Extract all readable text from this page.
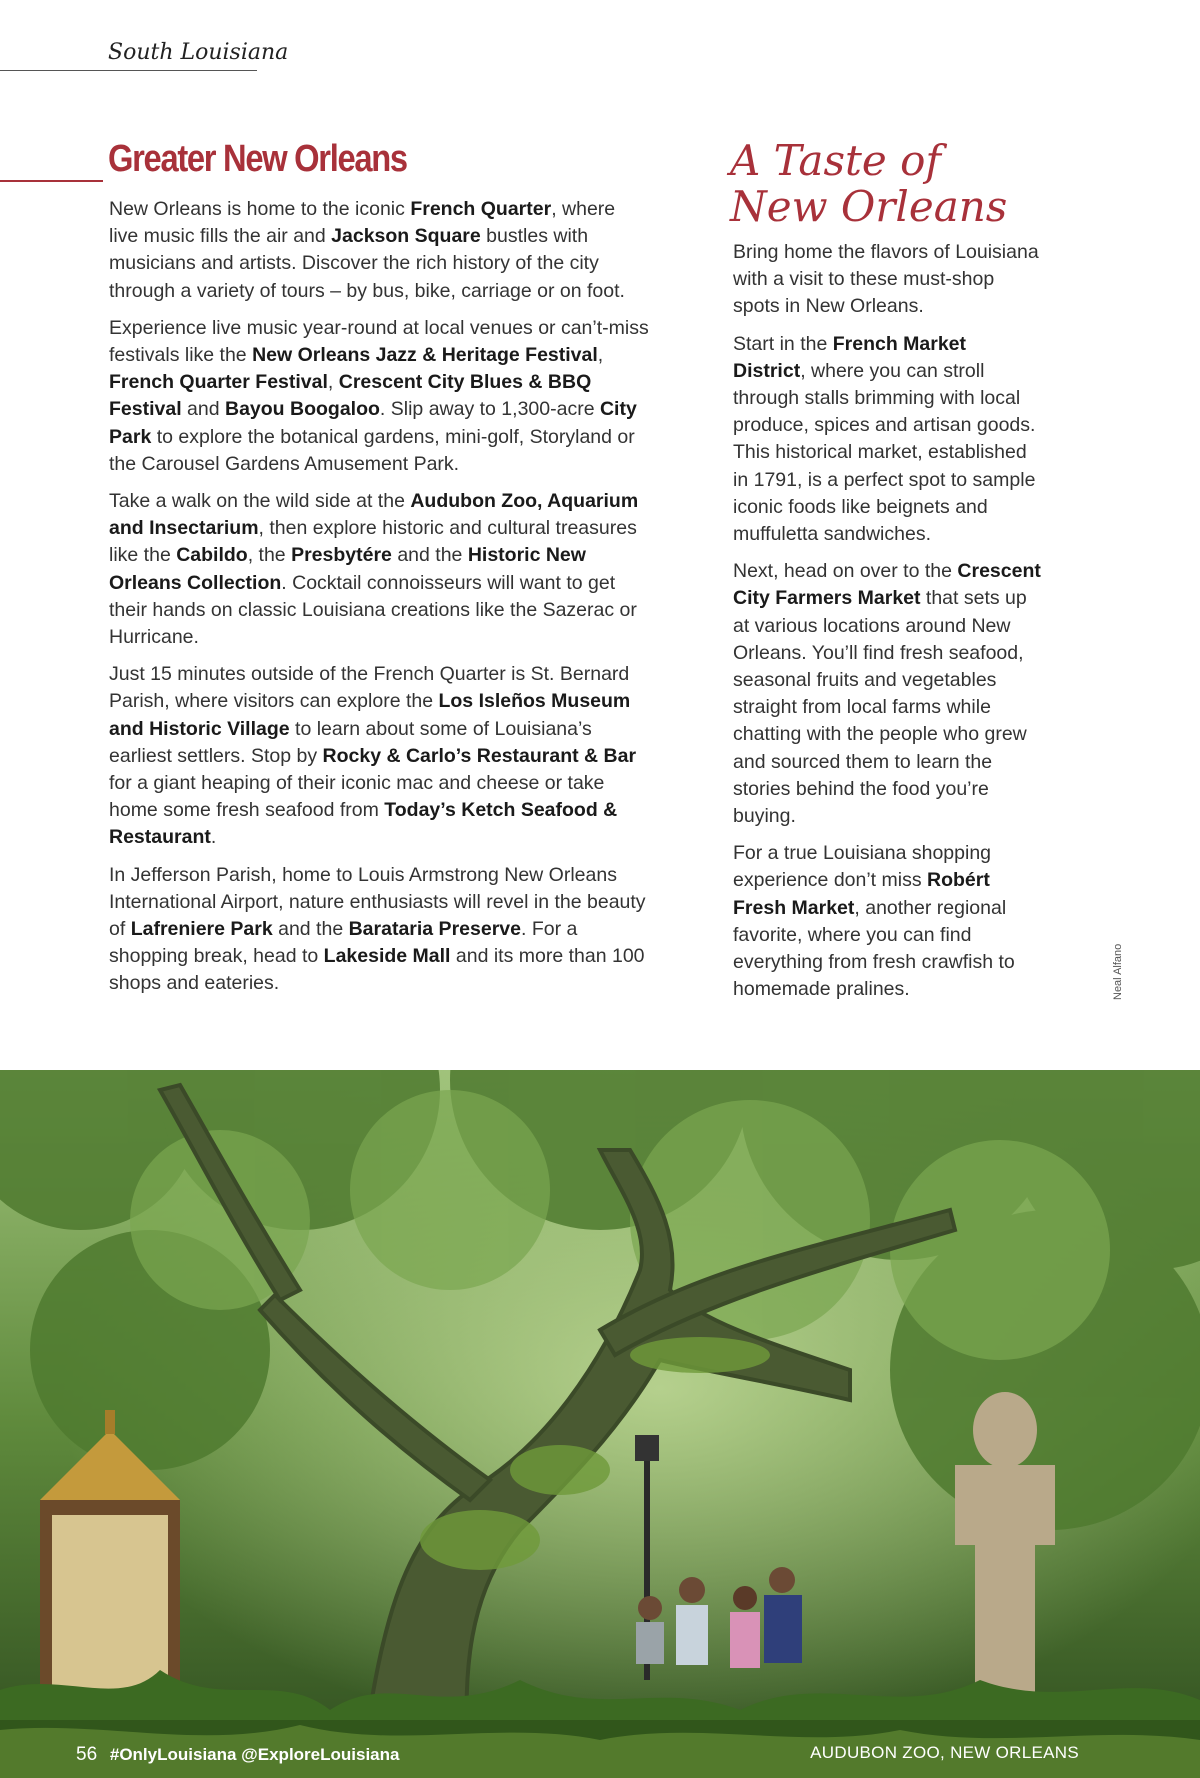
South Louisiana
Greater New Orleans

New Orleans is home to the iconic French Quarter, where live music fills the air and Jackson Square bustles with musicians and artists. Discover the rich history of the city through a variety of tours – by bus, bike, carriage or on foot.

Experience live music year-round at local venues or can’t-miss festivals like the New Orleans Jazz & Heritage Festival, French Quarter Festival, Crescent City Blues & BBQ Festival and Bayou Boogaloo. Slip away to 1,300-acre City Park to explore the botanical gardens, mini-golf, Storyland or the Carousel Gardens Amusement Park.

Take a walk on the wild side at the Audubon Zoo, Aquarium and Insectarium, then explore historic and cultural treasures like the Cabildo, the Presbytére and the Historic New Orleans Collection. Cocktail connoisseurs will want to get their hands on classic Louisiana creations like the Sazerac or Hurricane.

Just 15 minutes outside of the French Quarter is St. Bernard Parish, where visitors can explore the Los Isleños Museum and Historic Village to learn about some of Louisiana’s earliest settlers. Stop by Rocky & Carlo’s Restaurant & Bar for a giant heaping of their iconic mac and cheese or take home some fresh seafood from Today’s Ketch Seafood & Restaurant.

In Jefferson Parish, home to Louis Armstrong New Orleans International Airport, nature enthusiasts will revel in the beauty of Lafreniere Park and the Barataria Preserve. For a shopping break, head to Lakeside Mall and its more than 100 shops and eateries.

A Taste of
New Orleans

Bring home the flavors of Louisiana with a visit to these must-shop spots in New Orleans.

Start in the French Market District, where you can stroll through stalls brimming with local produce, spices and artisan goods. This historical market, established in 1791, is a perfect spot to sample iconic foods like beignets and muffuletta sandwiches.

Next, head on over to the Crescent City Farmers Market that sets up at various locations around New Orleans. You’ll find fresh seafood, seasonal fruits and vegetables straight from local farms while chatting with the people who grew and sourced them to learn the stories behind the food you’re buying.

For a true Louisiana shopping experience don’t miss Robért Fresh Market, another regional favorite, where you can find everything from fresh crawfish to homemade pralines.	Neal Alfano
56 #OnlyLouisiana @ExploreLouisiana	AUDUBON ZOO, NEW ORLEANS
